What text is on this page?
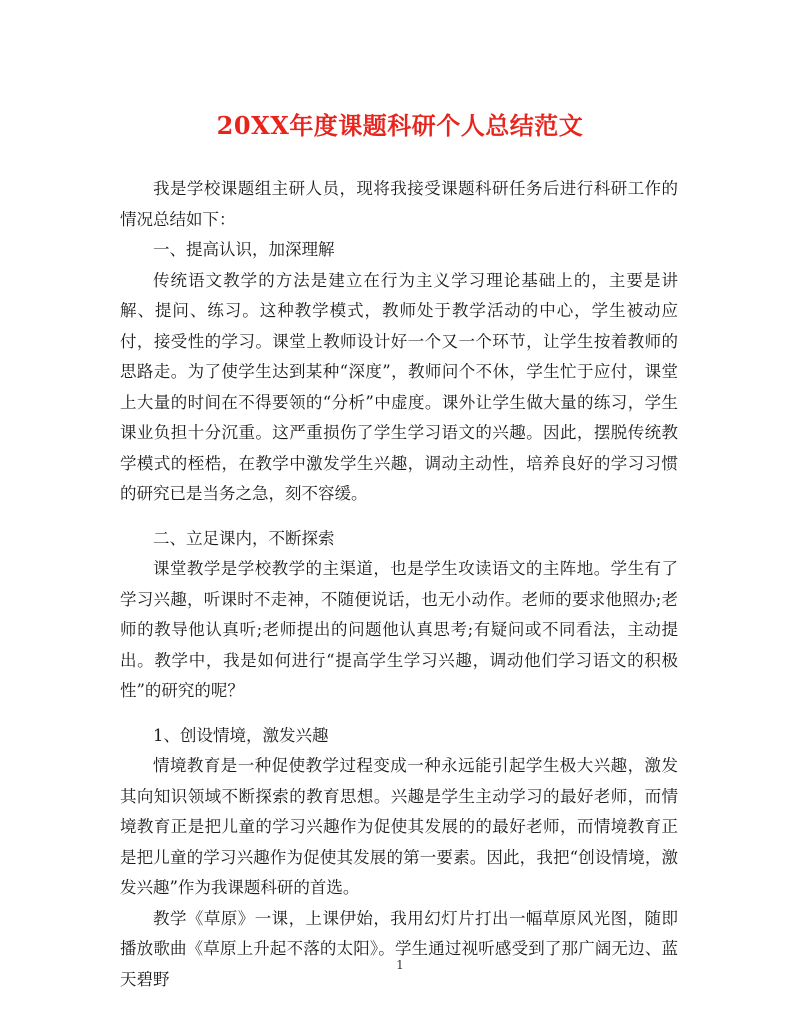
20XX年度课题科研个人总结范文

我是学校课题组主研人员，现将我接受课题科研任务后进行科研工作的情况总结如下：

一、提高认识，加深理解

传统语文教学的方法是建立在行为主义学习理论基础上的，主要是讲解、提问、练习。这种教学模式，教师处于教学活动的中心，学生被动应付，接受性的学习。课堂上教师设计好一个又一个环节，让学生按着教师的思路走。为了使学生达到某种“深度”，教师问个不休，学生忙于应付，课堂上大量的时间在不得要领的“分析”中虚度。课外让学生做大量的练习，学生课业负担十分沉重。这严重损伤了学生学习语文的兴趣。因此，摆脱传统教学模式的桎梏，在教学中激发学生兴趣，调动主动性，培养良好的学习习惯的研究已是当务之急，刻不容缓。

二、立足课内，不断探索

课堂教学是学校教学的主渠道，也是学生攻读语文的主阵地。学生有了学习兴趣，听课时不走神，不随便说话，也无小动作。老师的要求他照办;老师的教导他认真听;老师提出的问题他认真思考;有疑问或不同看法，主动提出。教学中，我是如何进行“提高学生学习兴趣，调动他们学习语文的积极性”的研究的呢？

1、创设情境，激发兴趣

情境教育是一种促使教学过程变成一种永远能引起学生极大兴趣，激发其向知识领域不断探索的教育思想。兴趣是学生主动学习的最好老师，而情境教育正是把儿童的学习兴趣作为促使其发展的的最好老师，而情境教育正是把儿童的学习兴趣作为促使其发展的第一要素。因此，我把“创设情境，激发兴趣”作为我课题科研的首选。

教学《草原》一课，上课伊始，我用幻灯片打出一幅草原风光图，随即播放歌曲《草原上升起不落的太阳》。学生通过视听感受到了那广阔无边、蓝天碧野

1
